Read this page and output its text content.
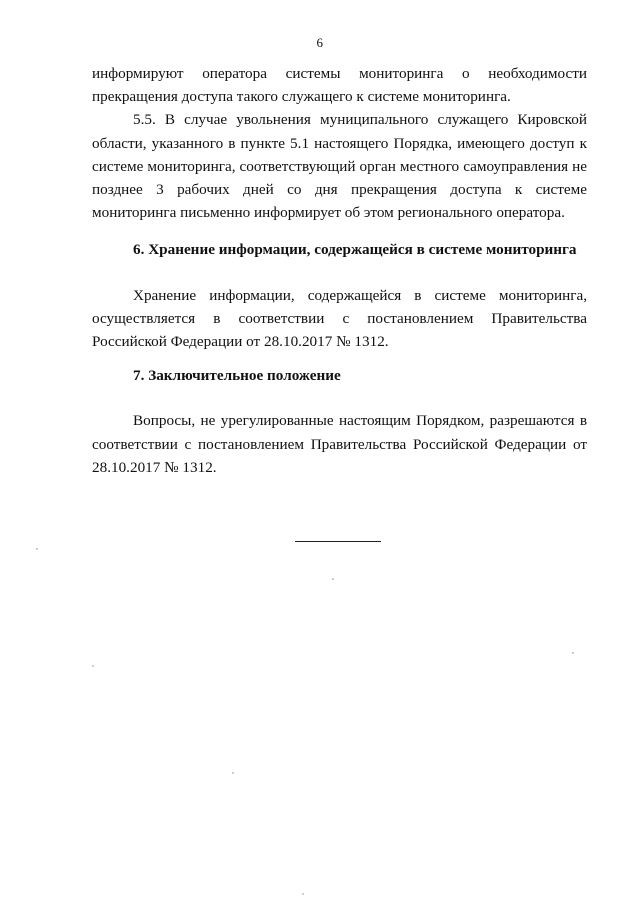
6

информируют оператора системы мониторинга о необходимости прекращения доступа такого служащего к системе мониторинга.

5.5. В случае увольнения муниципального служащего Кировской области, указанного в пункте 5.1 настоящего Порядка, имеющего доступ к системе мониторинга, соответствующий орган местного самоуправления не позднее 3 рабочих дней со дня прекращения доступа к системе мониторинга письменно информирует об этом регионального оператора.

6. Хранение информации, содержащейся в системе мониторинга

Хранение информации, содержащейся в системе мониторинга, осуществляется в соответствии с постановлением Правительства Российской Федерации от 28.10.2017 № 1312.

7. Заключительное положение

Вопросы, не урегулированные настоящим Порядком, разрешаются в соответствии с постановлением Правительства Российской Федерации от 28.10.2017 № 1312.
